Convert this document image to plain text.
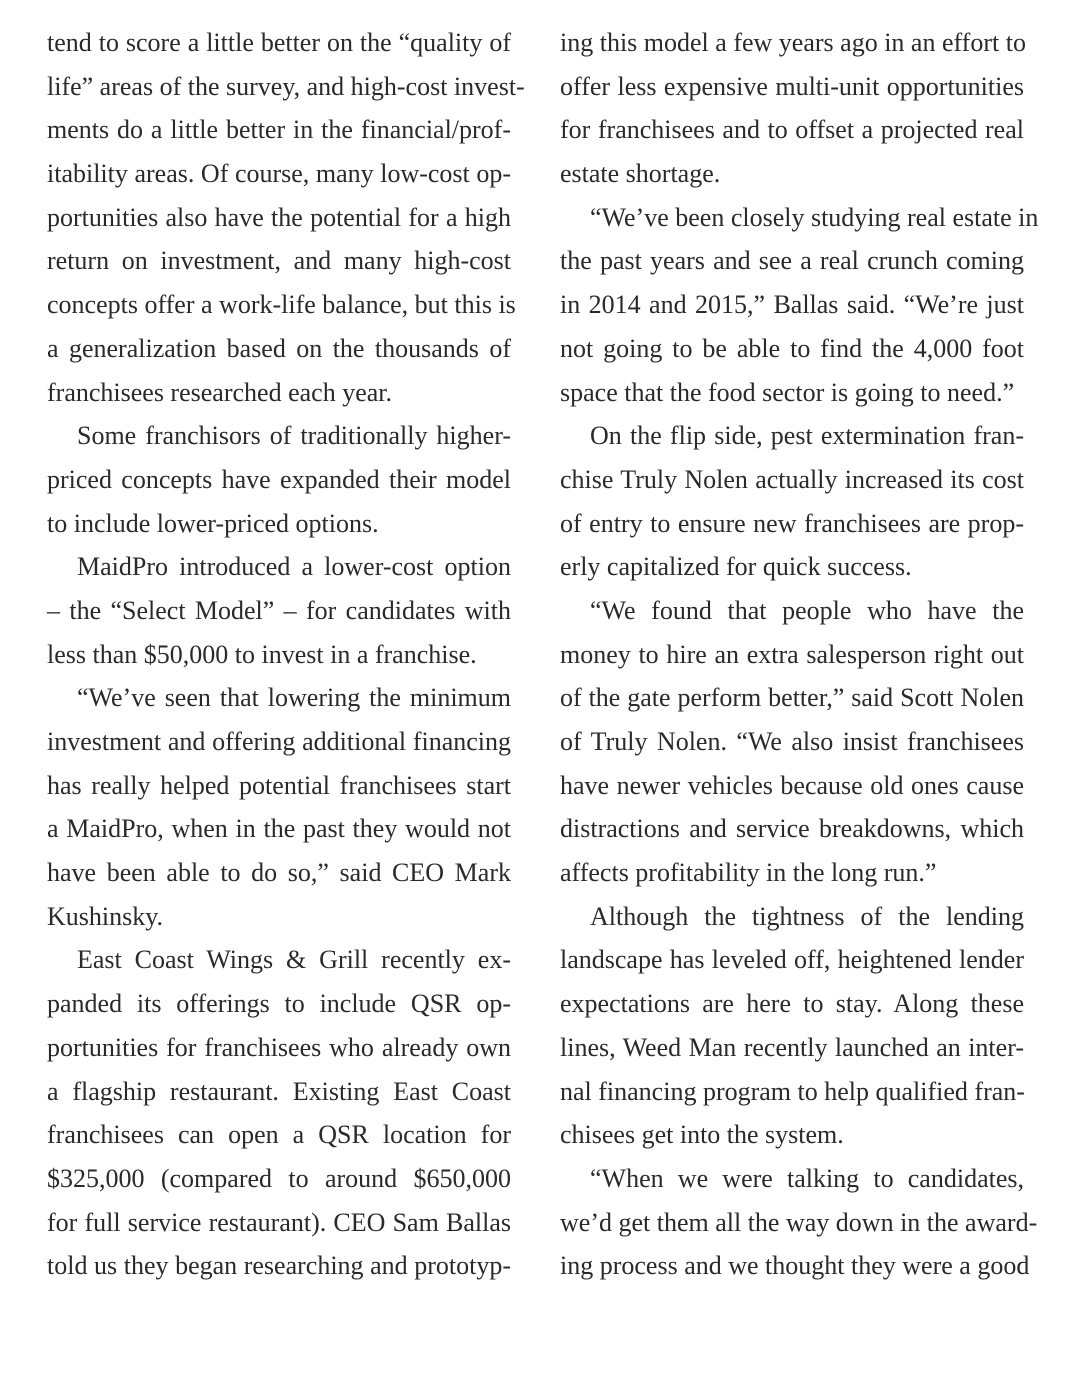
tend to score a little better on the “quality of
life” areas of the survey, and high-cost invest-
ments do a little better in the financial/prof-
itability areas. Of course, many low-cost op-
portunities also have the potential for a high
return on investment, and many high-cost
concepts offer a work-life balance, but this is
a generalization based on the thousands of
franchisees researched each year.
Some franchisors of traditionally higher-
priced concepts have expanded their model
to include lower-priced options.
MaidPro introduced a lower-cost option
– the “Select Model” – for candidates with
less than $50,000 to invest in a franchise.
“We’ve seen that lowering the minimum
investment and offering additional financing
has really helped potential franchisees start
a MaidPro, when in the past they would not
have been able to do so,” said CEO Mark
Kushinsky.
East Coast Wings & Grill recently ex-
panded its offerings to include QSR op-
portunities for franchisees who already own
a flagship restaurant. Existing East Coast
franchisees can open a QSR location for
$325,000 (compared to around $650,000
for full service restaurant). CEO Sam Ballas
told us they began researching and prototyp-
ing this model a few years ago in an effort to
offer less expensive multi-unit opportunities
for franchisees and to offset a projected real
estate shortage.
“We’ve been closely studying real estate in
the past years and see a real crunch coming
in 2014 and 2015,” Ballas said. “We’re just
not going to be able to find the 4,000 foot
space that the food sector is going to need.”
On the flip side, pest extermination fran-
chise Truly Nolen actually increased its cost
of entry to ensure new franchisees are prop-
erly capitalized for quick success.
“We found that people who have the
money to hire an extra salesperson right out
of the gate perform better,” said Scott Nolen
of Truly Nolen. “We also insist franchisees
have newer vehicles because old ones cause
distractions and service breakdowns, which
affects profitability in the long run.”
Although the tightness of the lending
landscape has leveled off, heightened lender
expectations are here to stay. Along these
lines, Weed Man recently launched an inter-
nal financing program to help qualified fran-
chisees get into the system.
“When we were talking to candidates,
we’d get them all the way down in the award-
ing process and we thought they were a good
